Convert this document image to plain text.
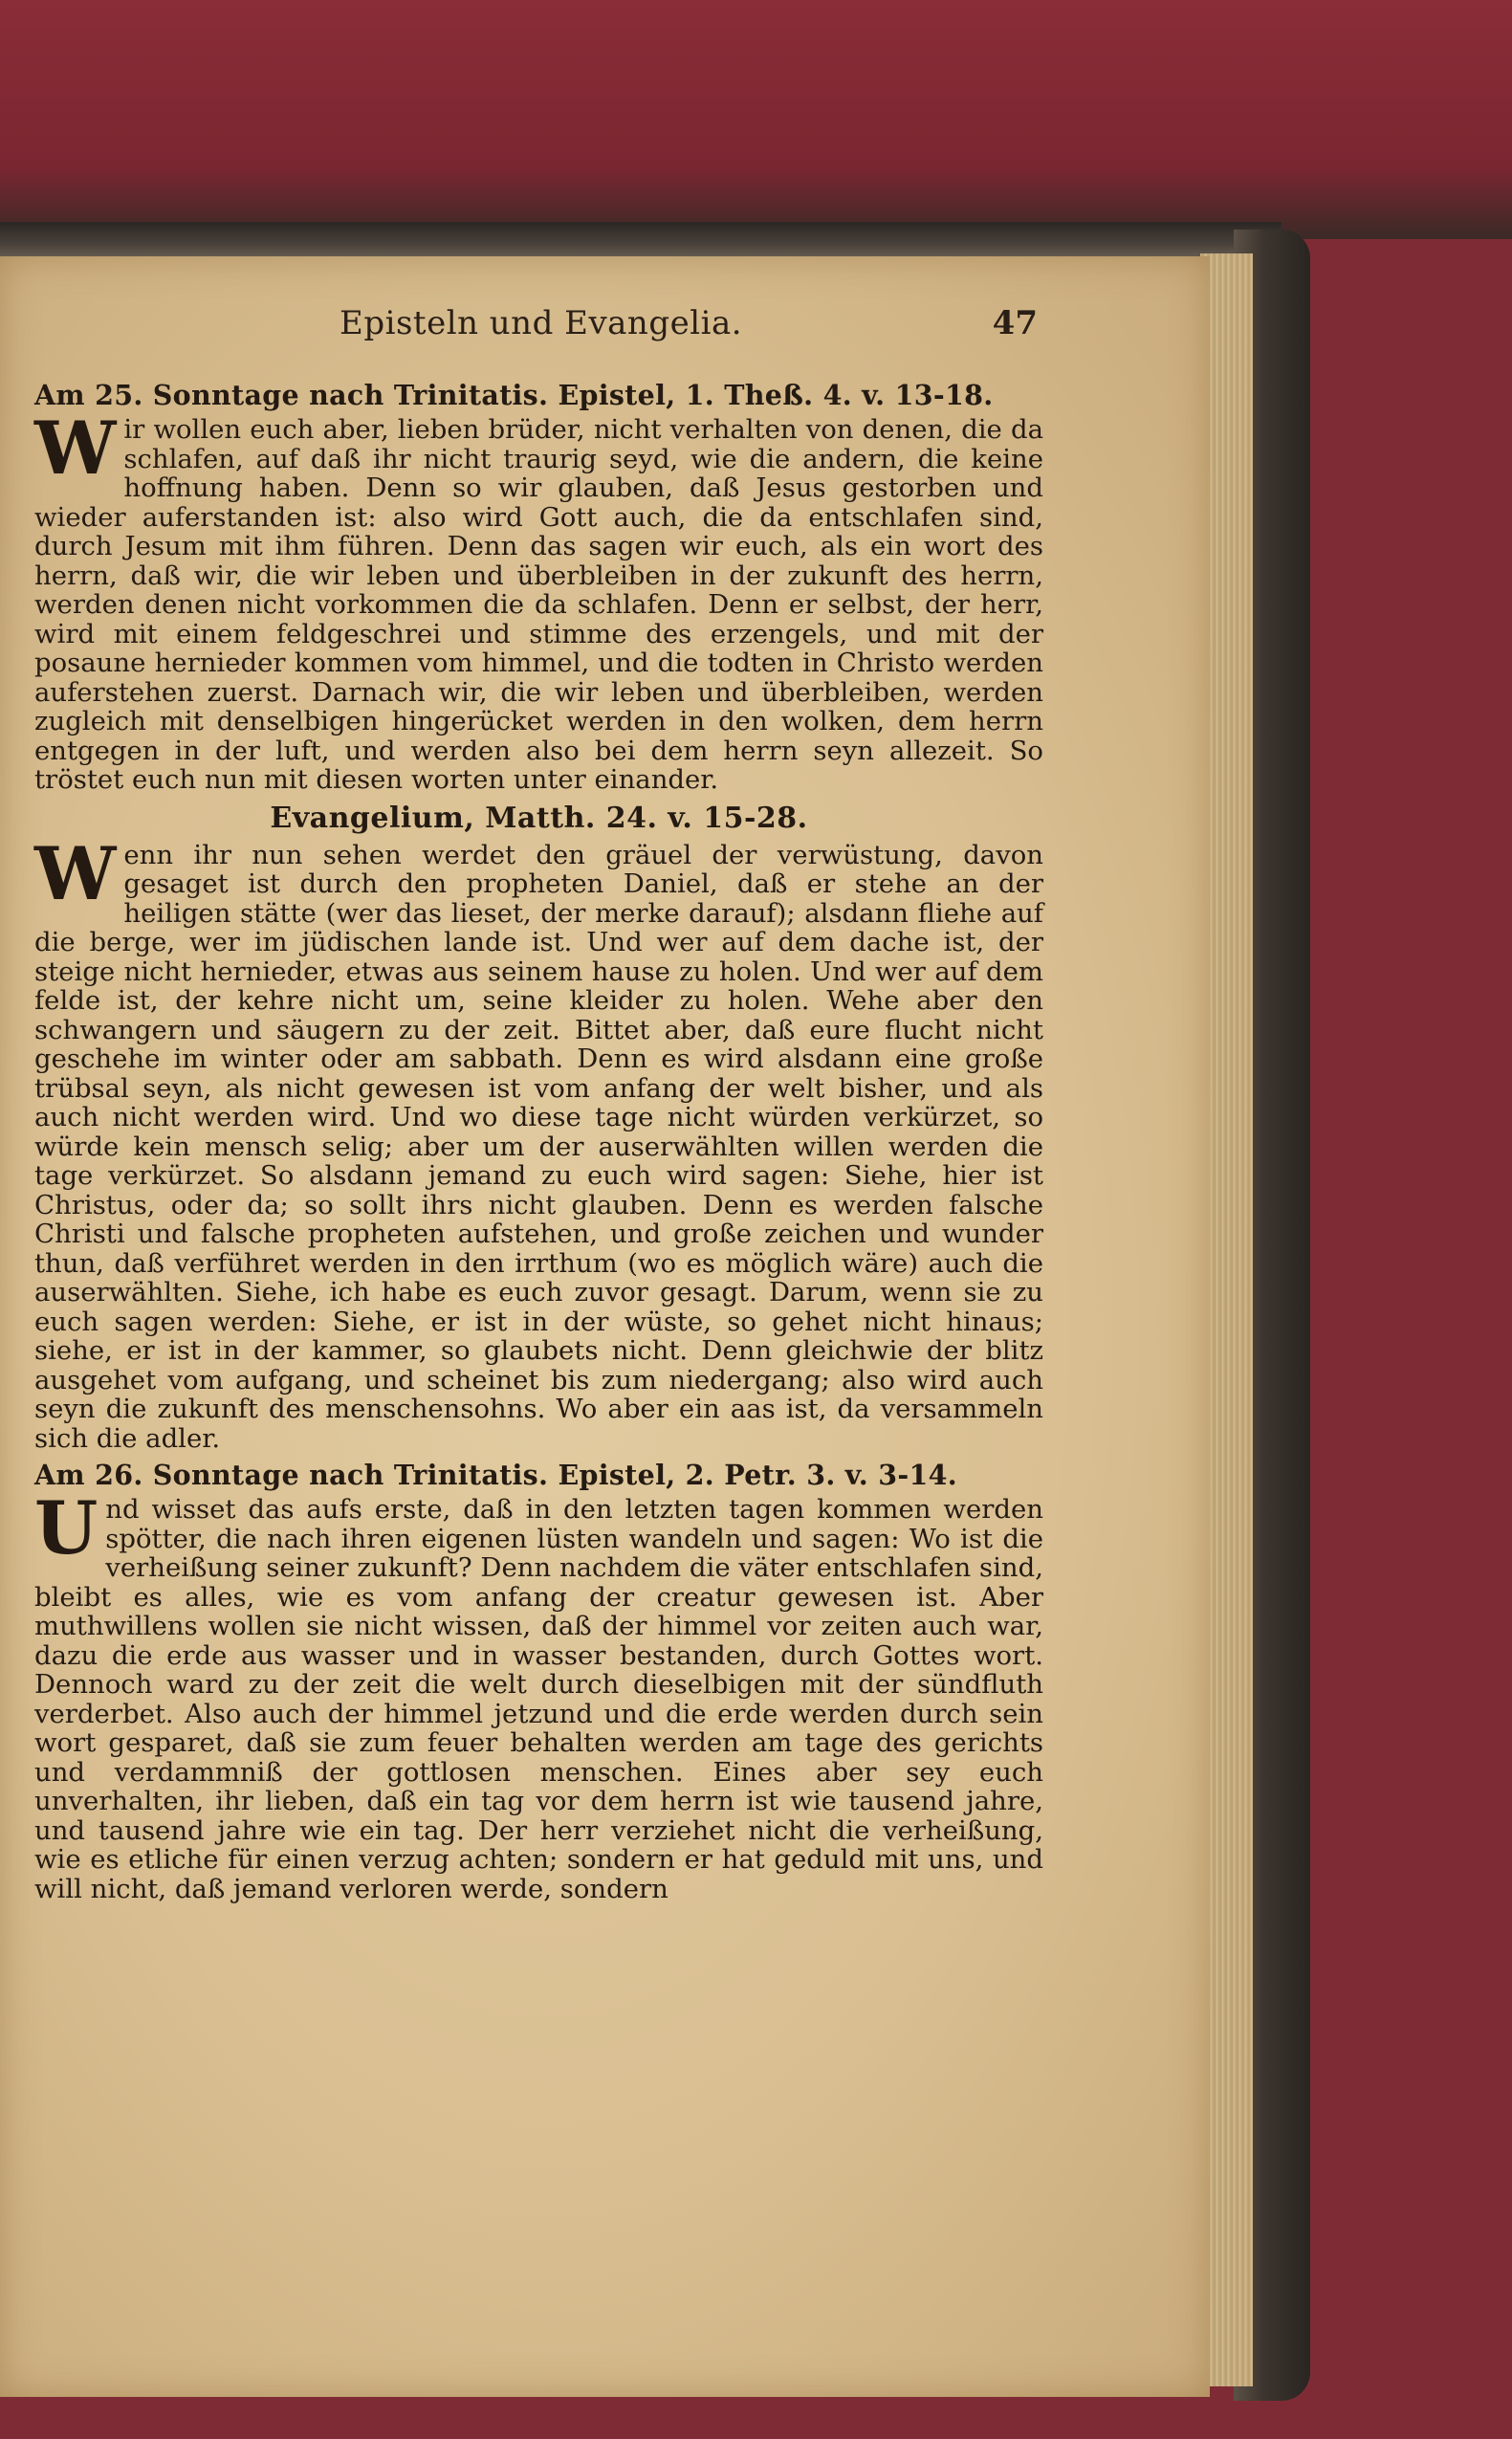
Episteln und Evangelia.	47
Am 25. Sonntage nach Trinitatis. Epistel, 1. Theß. 4. v. 13-18.

Wir wollen euch aber, lieben brüder, nicht verhalten von denen, die da schlafen, auf daß ihr nicht traurig seyd, wie die andern, die keine hoffnung haben. Denn so wir glauben, daß Jesus gestorben und wieder auferstanden ist: also wird Gott auch, die da entschlafen sind, durch Jesum mit ihm führen. Denn das sagen wir euch, als ein wort des herrn, daß wir, die wir leben und überbleiben in der zukunft des herrn, werden denen nicht vorkommen die da schlafen. Denn er selbst, der herr, wird mit einem feldgeschrei und stimme des erzengels, und mit der posaune hernieder kommen vom himmel, und die todten in Christo werden auferstehen zuerst. Darnach wir, die wir leben und überbleiben, werden zugleich mit denselbigen hingerücket werden in den wolken, dem herrn entgegen in der luft, und werden also bei dem herrn seyn allezeit. So tröstet euch nun mit diesen worten unter einander.

Evangelium, Matth. 24. v. 15-28.

Wenn ihr nun sehen werdet den gräuel der verwüstung, davon gesaget ist durch den propheten Daniel, daß er stehe an der heiligen stätte (wer das lieset, der merke darauf); alsdann fliehe auf die berge, wer im jüdischen lande ist. Und wer auf dem dache ist, der steige nicht hernieder, etwas aus seinem hause zu holen. Und wer auf dem felde ist, der kehre nicht um, seine kleider zu holen. Wehe aber den schwangern und säugern zu der zeit. Bittet aber, daß eure flucht nicht geschehe im winter oder am sabbath. Denn es wird alsdann eine große trübsal seyn, als nicht gewesen ist vom anfang der welt bisher, und als auch nicht werden wird. Und wo diese tage nicht würden verkürzet, so würde kein mensch selig; aber um der auserwählten willen werden die tage verkürzet. So alsdann jemand zu euch wird sagen: Siehe, hier ist Christus, oder da; so sollt ihrs nicht glauben. Denn es werden falsche Christi und falsche propheten aufstehen, und große zeichen und wunder thun, daß verführet werden in den irrthum (wo es möglich wäre) auch die auserwählten. Siehe, ich habe es euch zuvor gesagt. Darum, wenn sie zu euch sagen werden: Siehe, er ist in der wüste, so gehet nicht hinaus; siehe, er ist in der kammer, so glaubets nicht. Denn gleichwie der blitz ausgehet vom aufgang, und scheinet bis zum niedergang; also wird auch seyn die zukunft des menschensohns. Wo aber ein aas ist, da versammeln sich die adler.

Am 26. Sonntage nach Trinitatis. Epistel, 2. Petr. 3. v. 3-14.

Und wisset das aufs erste, daß in den letzten tagen kommen werden spötter, die nach ihren eigenen lüsten wandeln und sagen: Wo ist die verheißung seiner zukunft? Denn nachdem die väter entschlafen sind, bleibt es alles, wie es vom anfang der creatur gewesen ist. Aber muthwillens wollen sie nicht wissen, daß der himmel vor zeiten auch war, dazu die erde aus wasser und in wasser bestanden, durch Gottes wort. Dennoch ward zu der zeit die welt durch dieselbigen mit der sündfluth verderbet. Also auch der himmel jetzund und die erde werden durch sein wort gesparet, daß sie zum feuer behalten werden am tage des gerichts und verdammniß der gottlosen menschen. Eines aber sey euch unverhalten, ihr lieben, daß ein tag vor dem herrn ist wie tausend jahre, und tausend jahre wie ein tag. Der herr verziehet nicht die verheißung, wie es etliche für einen verzug achten; sondern er hat geduld mit uns, und will nicht, daß jemand verloren werde, sondern
